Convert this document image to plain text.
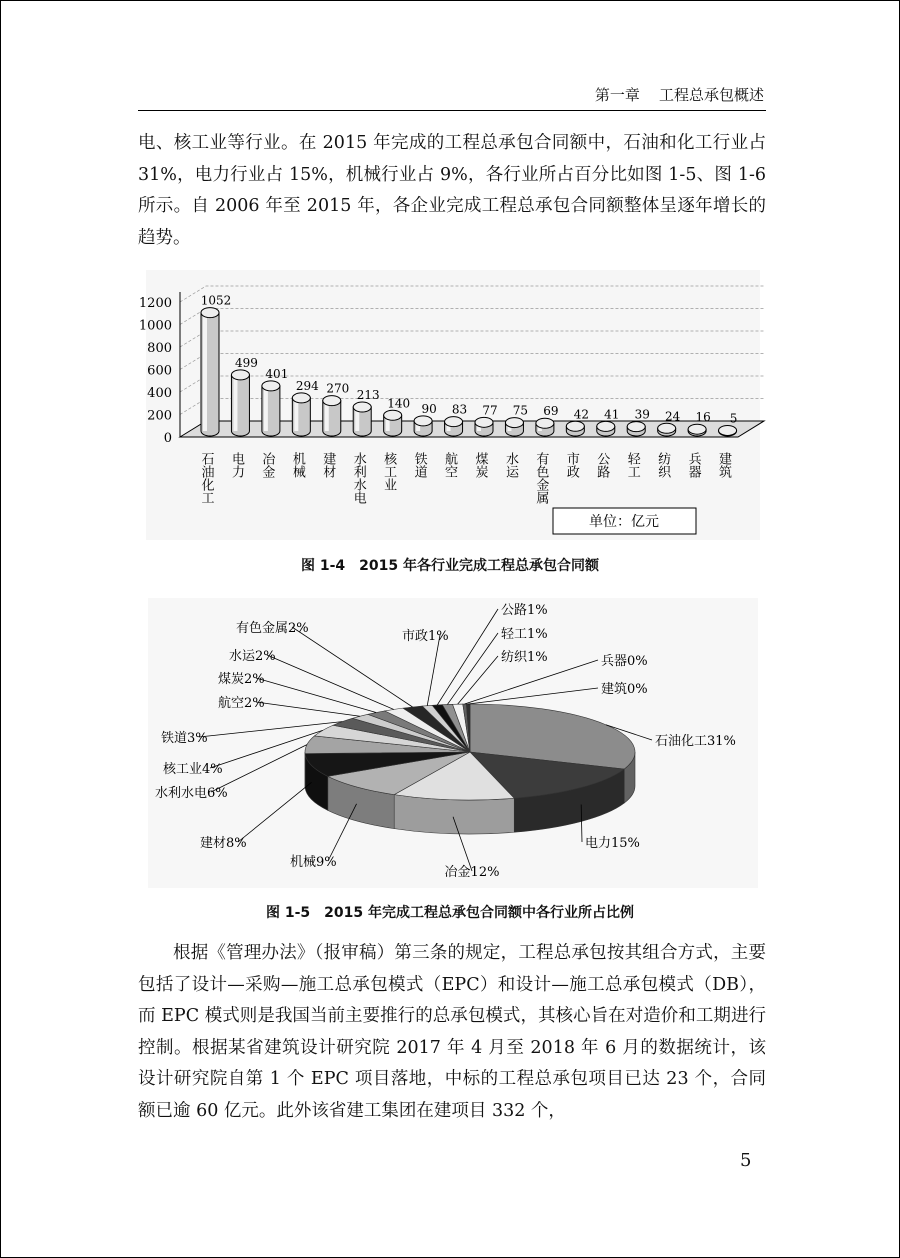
第一章 工程总承包概述

电、核工业等行业。在 2015 年完成的工程总承包合同额中，石油和化工行业占 31%，电力行业占 15%，机械行业占 9%，各行业所占百分比如图 1-5、图 1-6 所示。自 2006 年至 2015 年，各企业完成工程总承包合同额整体呈逐年增长的趋势。

0
200
400
600
800
1000
1200 1052
499
401
294 270 213
140 90 83 77 75 69 42 41 39 24 16 5
石油化工 电力 冶金 机械 建材 水利水电 核工业 铁道 航空 煤炭 水运 有色金属 市政 公路 轻工 纺织 兵器 建筑
单位：亿元
石油化工31%
电力15%
冶金12%
机械9%
建材8%
水利水电6%
核工业4%
铁道3%
航空2%
煤炭2%
水运2%
有色金属2%
市政1%
公路1%
轻工1%
纺织1%	兵器0%
建筑0%
图 1-4　2015 年各行业完成工程总承包合同额
图 1-5　2015 年完成工程总承包合同额中各行业所占比例

根据《管理办法》（报审稿）第三条的规定，工程总承包按其组合方式，主要包括了设计—采购—施工总承包模式（EPC）和设计—施工总承包模式（DB），而 EPC 模式则是我国当前主要推行的总承包模式，其核心旨在对造价和工期进行控制。根据某省建筑设计研究院 2017 年 4 月至 2018 年 6 月的数据统计，该设计研究院自第 1 个 EPC 项目落地，中标的工程总承包项目已达 23 个，合同额已逾 60 亿元。此外该省建工集团在建项目 332 个，

5
